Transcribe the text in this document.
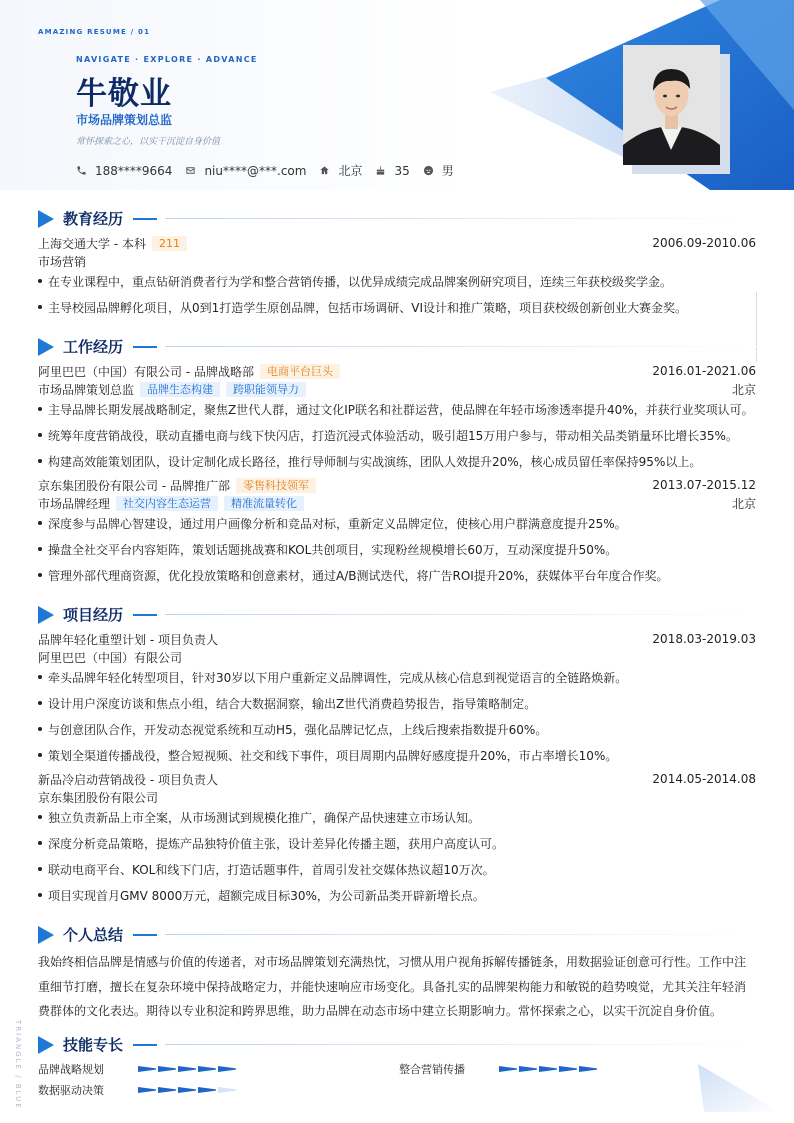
AMAZING RESUME / 01
NAVIGATE · EXPLORE · ADVANCE
牛敬业
市场品牌策划总监
常怀探索之心，以实干沉淀自身价值
188****9664	niu****@***.com	北京	35	男
教育经历
上海交通大学 - 本科	211	2006.09-2010.06
市场营销
在专业课程中，重点钻研消费者行为学和整合营销传播，以优异成绩完成品牌案例研究项目，连续三年获校级奖学金。
主导校园品牌孵化项目，从0到1打造学生原创品牌，包括市场调研、VI设计和推广策略，项目获校级创新创业大赛金奖。
工作经历
阿里巴巴（中国）有限公司 - 品牌战略部	电商平台巨头	2016.01-2021.06
市场品牌策划总监	品牌生态构建	跨职能领导力	北京
主导品牌长期发展战略制定，聚焦Z世代人群，通过文化IP联名和社群运营，使品牌在年轻市场渗透率提升40%，并获行业奖项认可。
统筹年度营销战役，联动直播电商与线下快闪店，打造沉浸式体验活动，吸引超15万用户参与，带动相关品类销量环比增长35%。
构建高效能策划团队，设计定制化成长路径，推行导师制与实战演练，团队人效提升20%，核心成员留任率保持95%以上。
京东集团股份有限公司 - 品牌推广部	零售科技领军	2013.07-2015.12
市场品牌经理	社交内容生态运营	精准流量转化	北京
深度参与品牌心智建设，通过用户画像分析和竞品对标，重新定义品牌定位，使核心用户群满意度提升25%。
操盘全社交平台内容矩阵，策划话题挑战赛和KOL共创项目，实现粉丝规模增长60万，互动深度提升50%。
管理外部代理商资源，优化投放策略和创意素材，通过A/B测试迭代，将广告ROI提升20%，获媒体平台年度合作奖。
项目经历
品牌年轻化重塑计划 - 项目负责人	2018.03-2019.03
阿里巴巴（中国）有限公司
牵头品牌年轻化转型项目，针对30岁以下用户重新定义品牌调性，完成从核心信息到视觉语言的全链路焕新。
设计用户深度访谈和焦点小组，结合大数据洞察，输出Z世代消费趋势报告，指导策略制定。
与创意团队合作，开发动态视觉系统和互动H5，强化品牌记忆点，上线后搜索指数提升60%。
策划全渠道传播战役，整合短视频、社交和线下事件，项目周期内品牌好感度提升20%，市占率增长10%。
新品冷启动营销战役 - 项目负责人	2014.05-2014.08
京东集团股份有限公司
独立负责新品上市全案，从市场测试到规模化推广，确保产品快速建立市场认知。
深度分析竞品策略，提炼产品独特价值主张，设计差异化传播主题，获用户高度认可。
联动电商平台、KOL和线下门店，打造话题事件，首周引发社交媒体热议超10万次。
项目实现首月GMV 8000万元，超额完成目标30%，为公司新品类开辟新增长点。
个人总结
我始终相信品牌是情感与价值的传递者，对市场品牌策划充满热忱，习惯从用户视角拆解传播链条，用数据验证创意可行性。工作中注重细节打磨，擅长在复杂环境中保持战略定力，并能快速响应市场变化。具备扎实的品牌架构能力和敏锐的趋势嗅觉，尤其关注年轻消费群体的文化表达。期待以专业积淀和跨界思维，助力品牌在动态市场中建立长期影响力。常怀探索之心，以实干沉淀自身价值。
技能专长
品牌战略规划	整合营销传播
数据驱动决策
TRIANGLE / BLUE
